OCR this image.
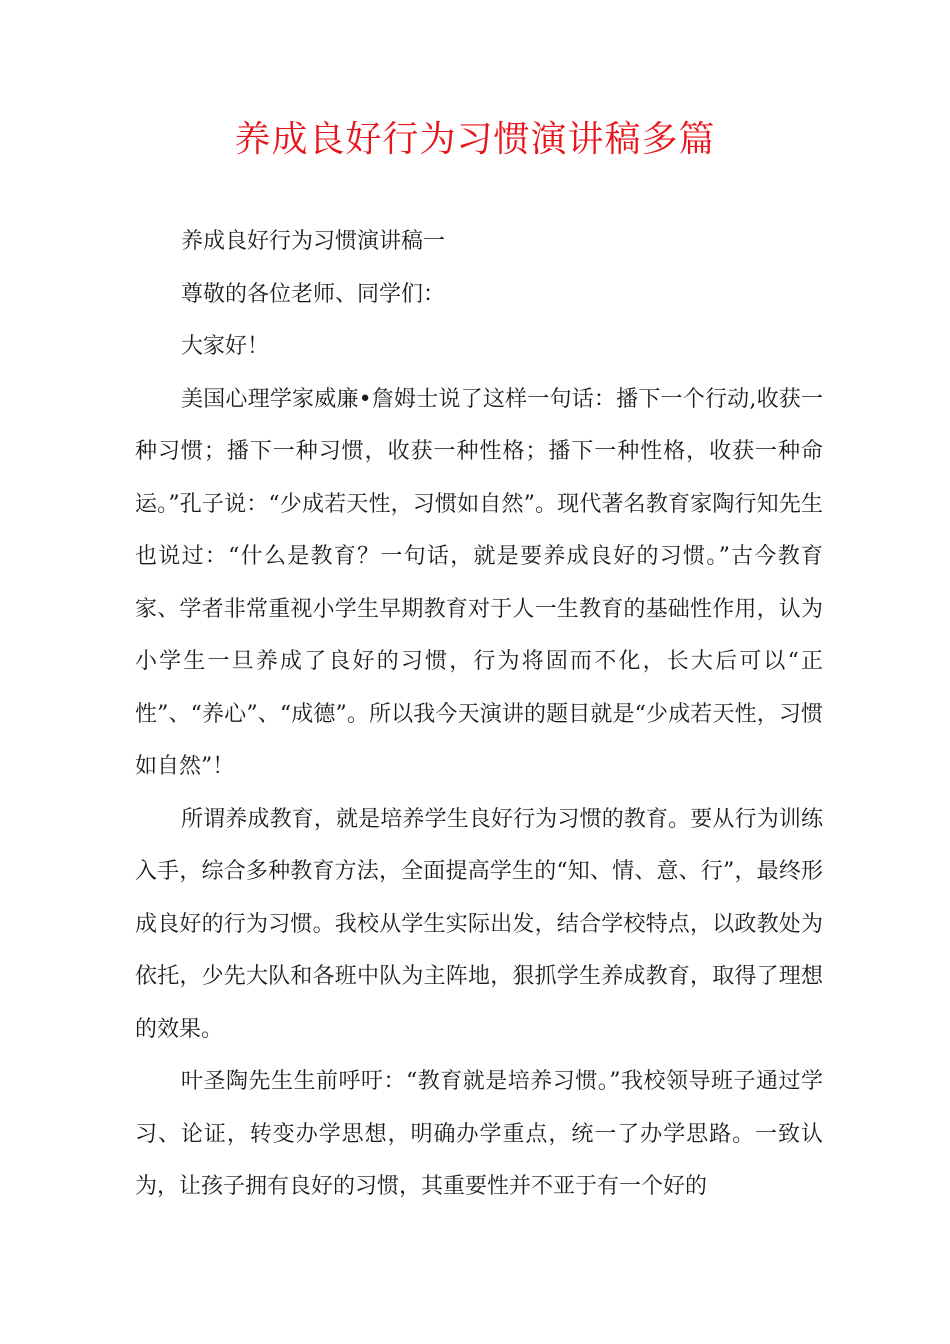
养成良好行为习惯演讲稿多篇

养成良好行为习惯演讲稿一

尊敬的各位老师、同学们：

大家好！

美国心理学家威廉•詹姆士说了这样一句话：播下一个行动,收获一种习惯；播下一种习惯，收获一种性格；播下一种性格，收获一种命运。”孔子说：“少成若天性，习惯如自然”。现代著名教育家陶行知先生也说过：“什么是教育？一句话，就是要养成良好的习惯。”古今教育家、学者非常重视小学生早期教育对于人一生教育的基础性作用，认为小学生一旦养成了良好的习惯，行为将固而不化，长大后可以“正性”、“养心”、“成德”。所以我今天演讲的题目就是“少成若天性，习惯如自然”！

所谓养成教育，就是培养学生良好行为习惯的教育。要从行为训练入手，综合多种教育方法，全面提高学生的“知、情、意、行”，最终形成良好的行为习惯。我校从学生实际出发，结合学校特点，以政教处为依托，少先大队和各班中队为主阵地，狠抓学生养成教育，取得了理想的效果。

叶圣陶先生生前呼吁：“教育就是培养习惯。”我校领导班子通过学习、论证，转变办学思想，明确办学重点，统一了办学思路。一致认为，让孩子拥有良好的习惯，其重要性并不亚于有一个好的
